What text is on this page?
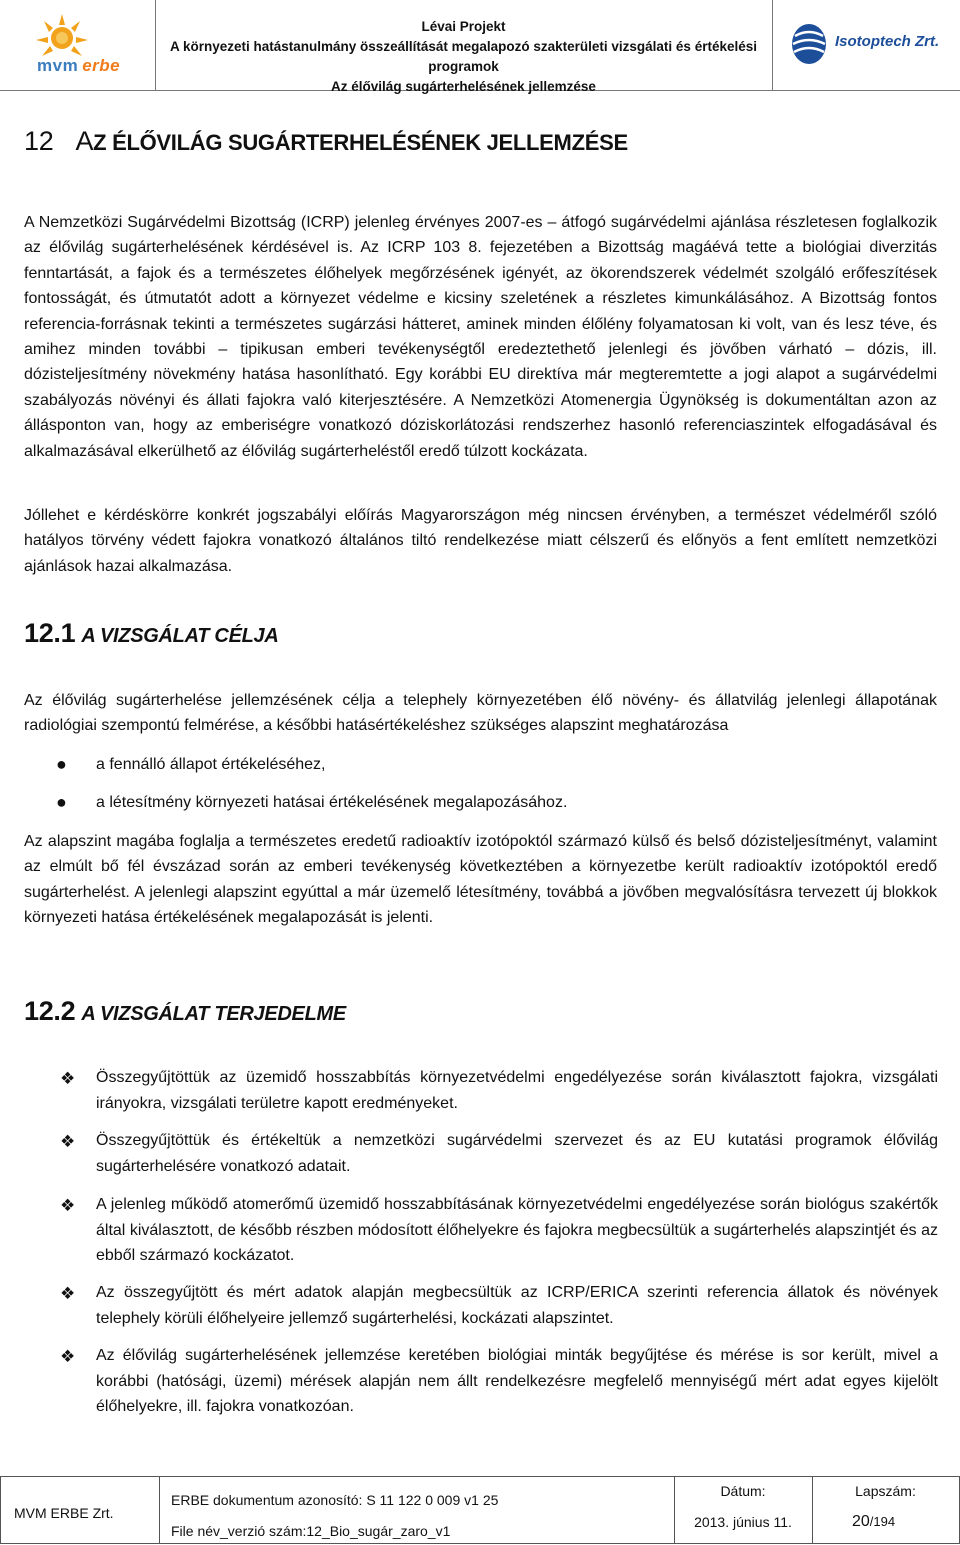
mvm erbe
Lévai Projekt
A környezeti hatástanulmány összeállítását megalapozó szakterületi vizsgálati és értékelési programok
Az élővilág sugárterhelésének jellemzése
Isotoptech Zrt.
12 AZ ÉLŐVILÁG SUGÁRTERHELÉSÉNEK JELLEMZÉSE

A Nemzetközi Sugárvédelmi Bizottság (ICRP) jelenleg érvényes 2007-es – átfogó sugárvédelmi ajánlása részletesen foglalkozik az élővilág sugárterhelésének kérdésével is. Az ICRP 103 8. fejezetében a Bizottság magáévá tette a biológiai diverzitás fenntartását, a fajok és a természetes élőhelyek megőrzésének igényét, az ökorendszerek védelmét szolgáló erőfeszítések fontosságát, és útmutatót adott a környezet védelme e kicsiny szeletének a részletes kimunkálásához. A Bizottság fontos referencia-forrásnak tekinti a természetes sugárzási hátteret, aminek minden élőlény folyamatosan ki volt, van és lesz téve, és amihez minden további – tipikusan emberi tevékenységtől eredeztethető jelenlegi és jövőben várható – dózis, ill. dózisteljesítmény növekmény hatása hasonlítható. Egy korábbi EU direktíva már megteremtette a jogi alapot a sugárvédelmi szabályozás növényi és állati fajokra való kiterjesztésére. A Nemzetközi Atomenergia Ügynökség is dokumentáltan azon az állásponton van, hogy az emberiségre vonatkozó dóziskorlátozási rendszerhez hasonló referenciaszintek elfogadásával és alkalmazásával elkerülhető az élővilág sugárterheléstől eredő túlzott kockázata.

Jóllehet e kérdéskörre konkrét jogszabályi előírás Magyarországon még nincsen érvényben, a természet védelméről szóló hatályos törvény védett fajokra vonatkozó általános tiltó rendelkezése miatt célszerű és előnyös a fent említett nemzetközi ajánlások hazai alkalmazása.

12.1 A VIZSGÁLAT CÉLJA

Az élővilág sugárterhelése jellemzésének célja a telephely környezetében élő növény- és állatvilág jelenlegi állapotának radiológiai szempontú felmérése, a későbbi hatásértékeléshez szükséges alapszint meghatározása

● a fennálló állapot értékeléséhez,
● a létesítmény környezeti hatásai értékelésének megalapozásához.

Az alapszint magába foglalja a természetes eredetű radioaktív izotópoktól származó külső és belső dózisteljesítményt, valamint az elmúlt bő fél évszázad során az emberi tevékenység következtében a környezetbe került radioaktív izotópoktól eredő sugárterhelést. A jelenlegi alapszint egyúttal a már üzemelő létesítmény, továbbá a jövőben megvalósításra tervezett új blokkok környezeti hatása értékelésének megalapozását is jelenti.

12.2 A VIZSGÁLAT TERJEDELME
❖ Összegyűjtöttük az üzemidő hosszabbítás környezetvédelmi engedélyezése során kiválasztott fajokra, vizsgálati irányokra, vizsgálati területre kapott eredményeket.
❖ Összegyűjtöttük és értékeltük a nemzetközi sugárvédelmi szervezet és az EU kutatási programok élővilág sugárterhelésére vonatkozó adatait.
❖ A jelenleg működő atomerőmű üzemidő hosszabbításának környezetvédelmi engedélyezése során biológus szakértők által kiválasztott, de később részben módosított élőhelyekre és fajokra megbecsültük a sugárterhelés alapszintjét és az ebből származó kockázatot.
❖ Az összegyűjtött és mért adatok alapján megbecsültük az ICRP/ERICA szerinti referencia állatok és növények telephely körüli élőhelyeire jellemző sugárterhelési, kockázati alapszintet.
❖ Az élővilág sugárterhelésének jellemzése keretében biológiai minták begyűjtése és mérése is sor került, mivel a korábbi (hatósági, üzemi) mérések alapján nem állt rendelkezésre megfelelő mennyiségű mért adat egyes kijelölt élőhelyekre, ill. fajokra vonatkozóan.
MVM ERBE Zrt.
ERBE dokumentum azonosító: S 11 122 0 009 v1 25
File név_verzió szám:12_Bio_sugár_zaro_v1
Dátum:
2013. június 11.
Lapszám:
20/194
